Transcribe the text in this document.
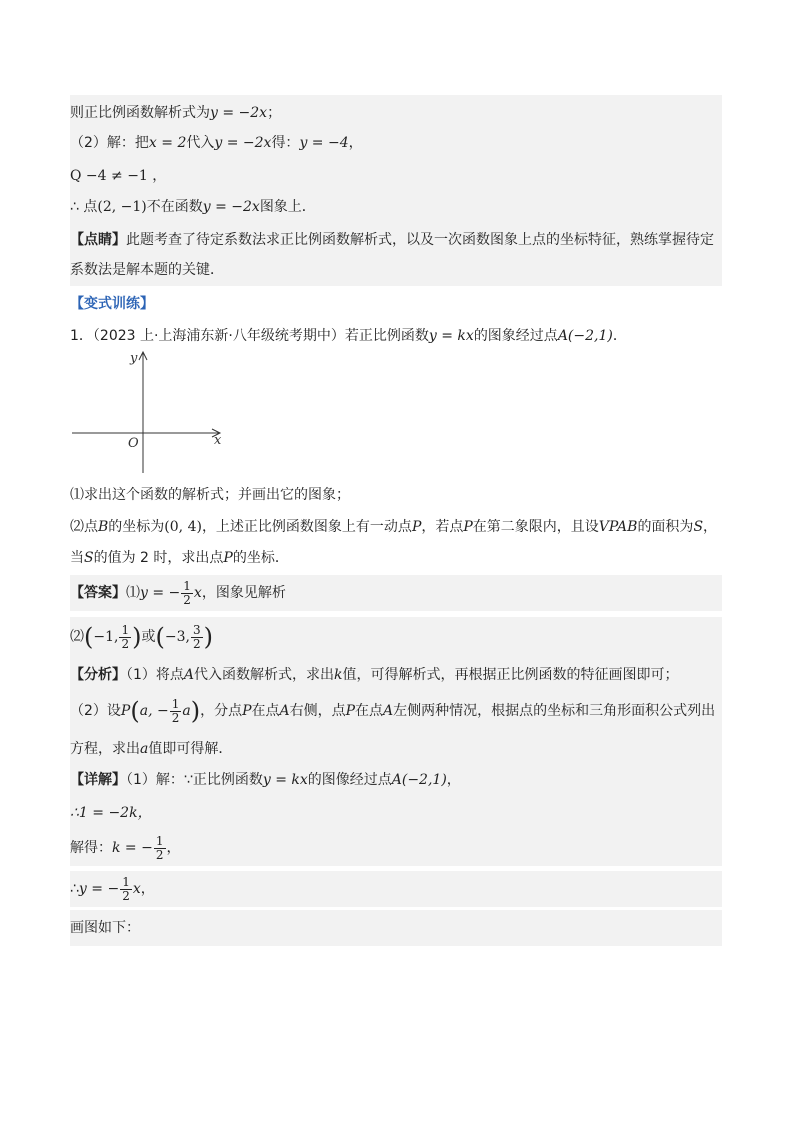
则正比例函数解析式为y = −2x；
（2）解：把x = 2代入y = −2x得：y = −4，
Q −4 ≠ −1 ，
∴ 点(2, −1)不在函数y = −2x图象上．
【点睛】此题考查了待定系数法求正比例函数解析式，以及一次函数图象上点的坐标特征，熟练掌握待定
系数法是解本题的关键．
【变式训练】
1．（2023 上·上海浦东新·八年级统考期中）若正比例函数y = kx的图象经过点A(−2,1)．
x
y
O
⑴求出这个函数的解析式；并画出它的图象；
⑵点B的坐标为(0, 4)，上述正比例函数图象上有一动点P，若点P在第二象限内，且设VPAB的面积为S，
当S的值为 2 时，求出点P的坐标．
【答案】⑴y = − $\frac{1}{2}$ x，图象见解析
⑵(−1, $\frac{1}{2}$ )或(−3, $\frac{3}{2}$ )
【分析】（1）将点A代入函数解析式，求出k值，可得解析式，再根据正比例函数的特征画图即可；
（2）设P(a, − $\frac{1}{2} a$)，分点P在点A右侧，点P在点A左侧两种情况，根据点的坐标和三角形面积公式列出
方程，求出a值即可得解．
【详解】（1）解：∵正比例函数y = kx的图像经过点A(−2,1)，
∴1 = −2k，
解得：k = − $\frac{1}{2}$ ，
∴y = − $\frac{1}{2}$ x，
画图如下：
